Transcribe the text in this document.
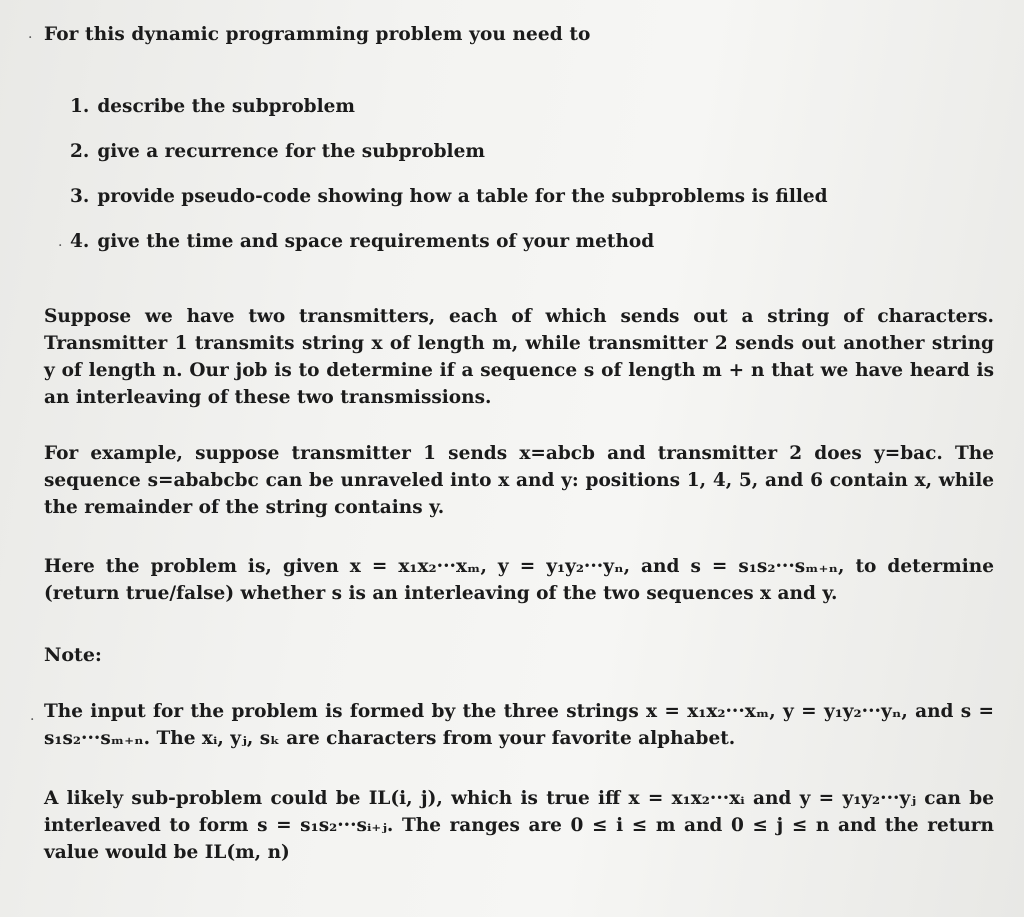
For this dynamic programming problem you need to
1. describe the subproblem
2. give a recurrence for the subproblem
3. provide pseudo-code showing how a table for the subproblems is filled
4. give the time and space requirements of your method
Suppose we have two transmitters, each of which sends out a string of characters. Transmitter 1 transmits string x of length m, while transmitter 2 sends out another string y of length n. Our job is to determine if a sequence s of length m + n that we have heard is an interleaving of these two transmissions.
For example, suppose transmitter 1 sends x=abcb and transmitter 2 does y=bac. The sequence s=ababcbc can be unraveled into x and y: positions 1, 4, 5, and 6 contain x, while the remainder of the string contains y.
Here the problem is, given x = x₁x₂···xₘ, y = y₁y₂···yₙ, and s = s₁s₂···sₘ₊ₙ, to determine (return true/false) whether s is an interleaving of the two sequences x and y.
Note:
The input for the problem is formed by the three strings x = x₁x₂···xₘ, y = y₁y₂···yₙ, and s = s₁s₂···sₘ₊ₙ. The xᵢ, yⱼ, sₖ are characters from your favorite alphabet.
A likely sub-problem could be IL(i, j), which is true iff x = x₁x₂···xᵢ and y = y₁y₂···yⱼ can be interleaved to form s = s₁s₂···sᵢ₊ⱼ. The ranges are 0 ≤ i ≤ m and 0 ≤ j ≤ n and the return value would be IL(m, n)
·
·
·
